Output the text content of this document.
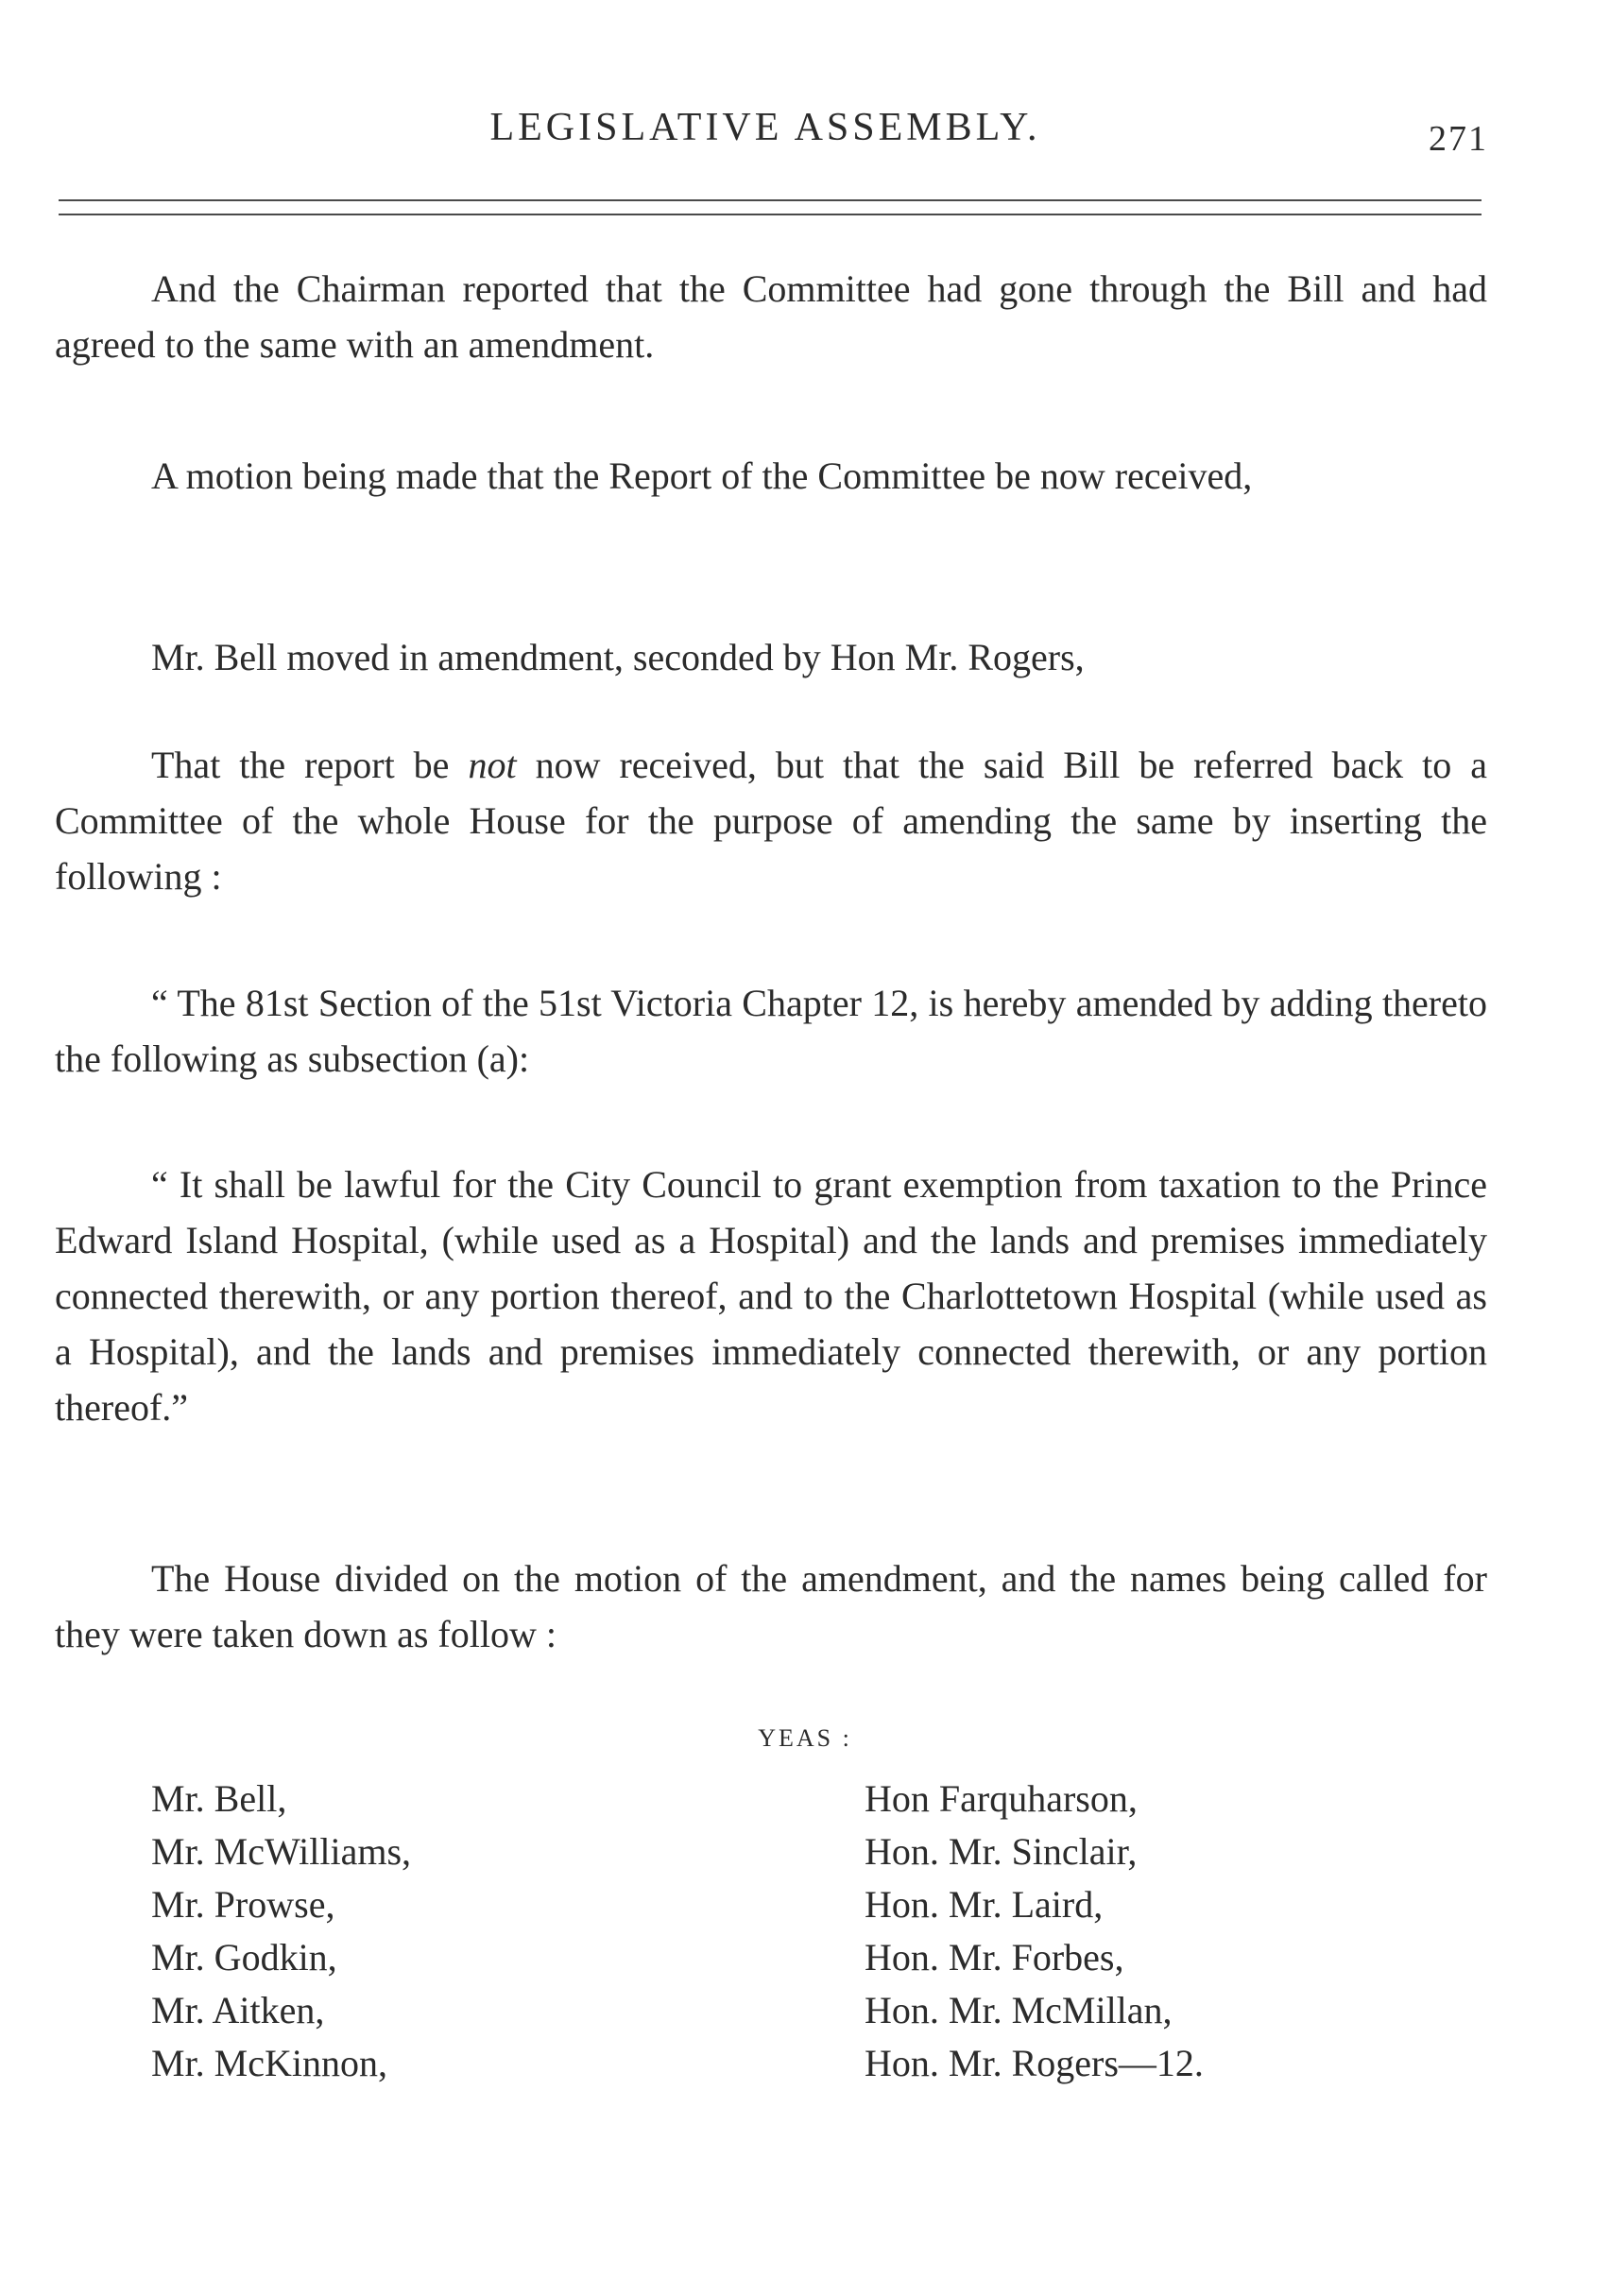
LEGISLATIVE ASSEMBLY.	271

And the Chairman reported that the Committee had gone through the Bill and had agreed to the same with an amendment.

A motion being made that the Report of the Committee be now received,

Mr. Bell moved in amendment, seconded by Hon Mr. Rogers,

That the report be not now received, but that the said Bill be referred back to a Committee of the whole House for the purpose of amending the same by inserting the following :

“ The 81st Section of the 51st Victoria Chapter 12, is hereby amended by adding thereto the following as subsection (a):

“ It shall be lawful for the City Council to grant exemption from taxation to the Prince Edward Island Hospital, (while used as a Hospital) and the lands and premises immediately connected therewith, or any portion thereof, and to the Charlottetown Hospital (while used as a Hospital), and the lands and premises immediately connected therewith, or any portion thereof.”

The House divided on the motion of the amendment, and the names being called for they were taken down as follow :

YEAS :
Mr. Bell,
Mr. McWilliams,
Mr. Prowse,
Mr. Godkin,
Mr. Aitken,
Mr. McKinnon,
Hon Farquharson,
Hon. Mr. Sinclair,
Hon. Mr. Laird,
Hon. Mr. Forbes,
Hon. Mr. McMillan,
Hon. Mr. Rogers—12.
